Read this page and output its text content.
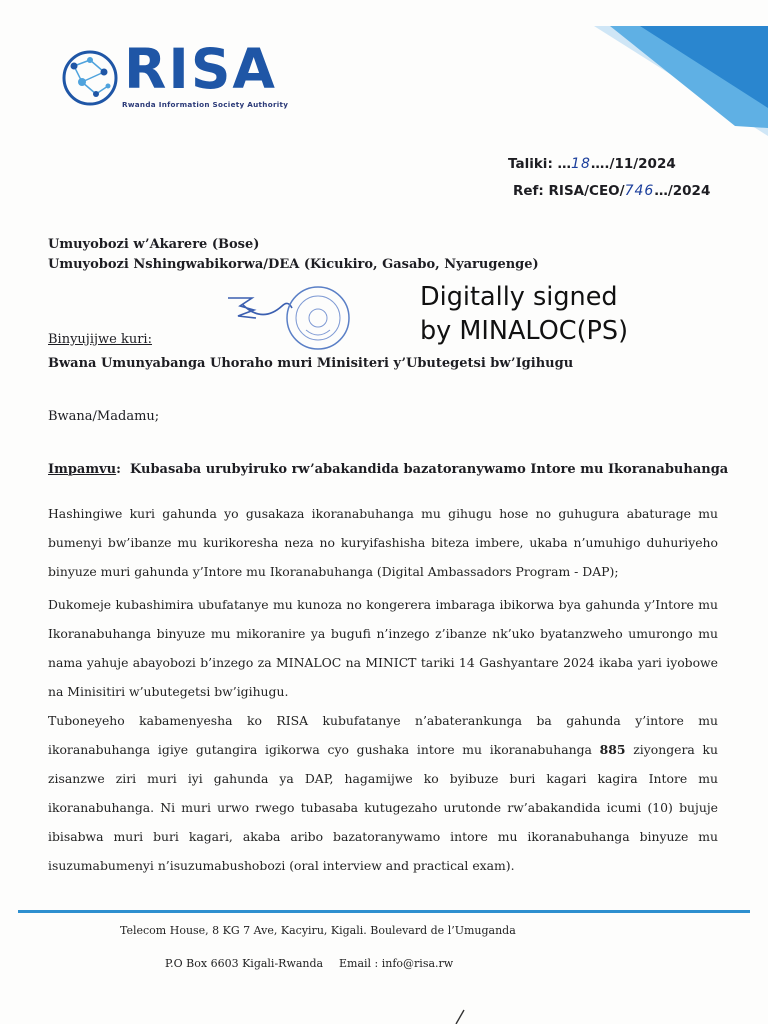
RISA
Rwanda Information Society Authority
Taliki: …18…./11/2024
Ref: RISA/CEO/746…/2024
Umuyobozi w’Akarere (Bose)
Umuyobozi Nshingwabikorwa/DEA (Kicukiro, Gasabo, Nyarugenge)
Digitally signed
by MINALOC(PS)
Binyujijwe kuri:
Bwana Umunyabanga Uhoraho muri Minisiteri y’Ubutegetsi bw’Igihugu
Bwana/Madamu;
Impamvu:  Kubasaba urubyiruko rw’abakandida bazatoranywamo Intore mu Ikoranabuhanga
Hashingiwe kuri gahunda yo gusakaza ikoranabuhanga mu gihugu hose no guhugura abaturage mu bumenyi bw’ibanze mu kurikoresha neza no kuryifashisha biteza imbere, ukaba n’umuhigo duhuriyeho binyuze muri gahunda y’Intore mu Ikoranabuhanga (Digital Ambassadors Program - DAP);
Dukomeje kubashimira ubufatanye mu kunoza no kongerera imbaraga ibikorwa bya gahunda y’Intore mu Ikoranabuhanga binyuze mu mikoranire ya bugufi n’inzego z’ibanze nk’uko byatanzweho umurongo mu nama yahuje abayobozi b’inzego za MINALOC na MINICT tariki 14 Gashyantare 2024 ikaba yari iyobowe na Minisitiri w’ubutegetsi bw’igihugu.
Tuboneyeho kabamenyesha ko RISA kubufatanye n’abaterankunga ba gahunda y’intore mu ikoranabuhanga igiye gutangira igikorwa cyo gushaka intore mu ikoranabuhanga 885 ziyongera ku zisanzwe ziri muri iyi gahunda ya DAP, hagamijwe ko byibuze buri kagari kagira Intore mu ikoranabuhanga. Ni muri urwo rwego tubasaba kutugezaho urutonde rw’abakandida icumi (10) bujuje ibisabwa muri buri kagari, akaba aribo bazatoranywamo intore mu ikoranabuhanga binyuze mu isuzumabumenyi n’isuzumabushobozi (oral interview and practical exam).
Telecom House, 8 KG 7 Ave, Kacyiru, Kigali. Boulevard de l’Umuganda
P.O Box 6603 Kigali-Rwanda Email : info@risa.rw
